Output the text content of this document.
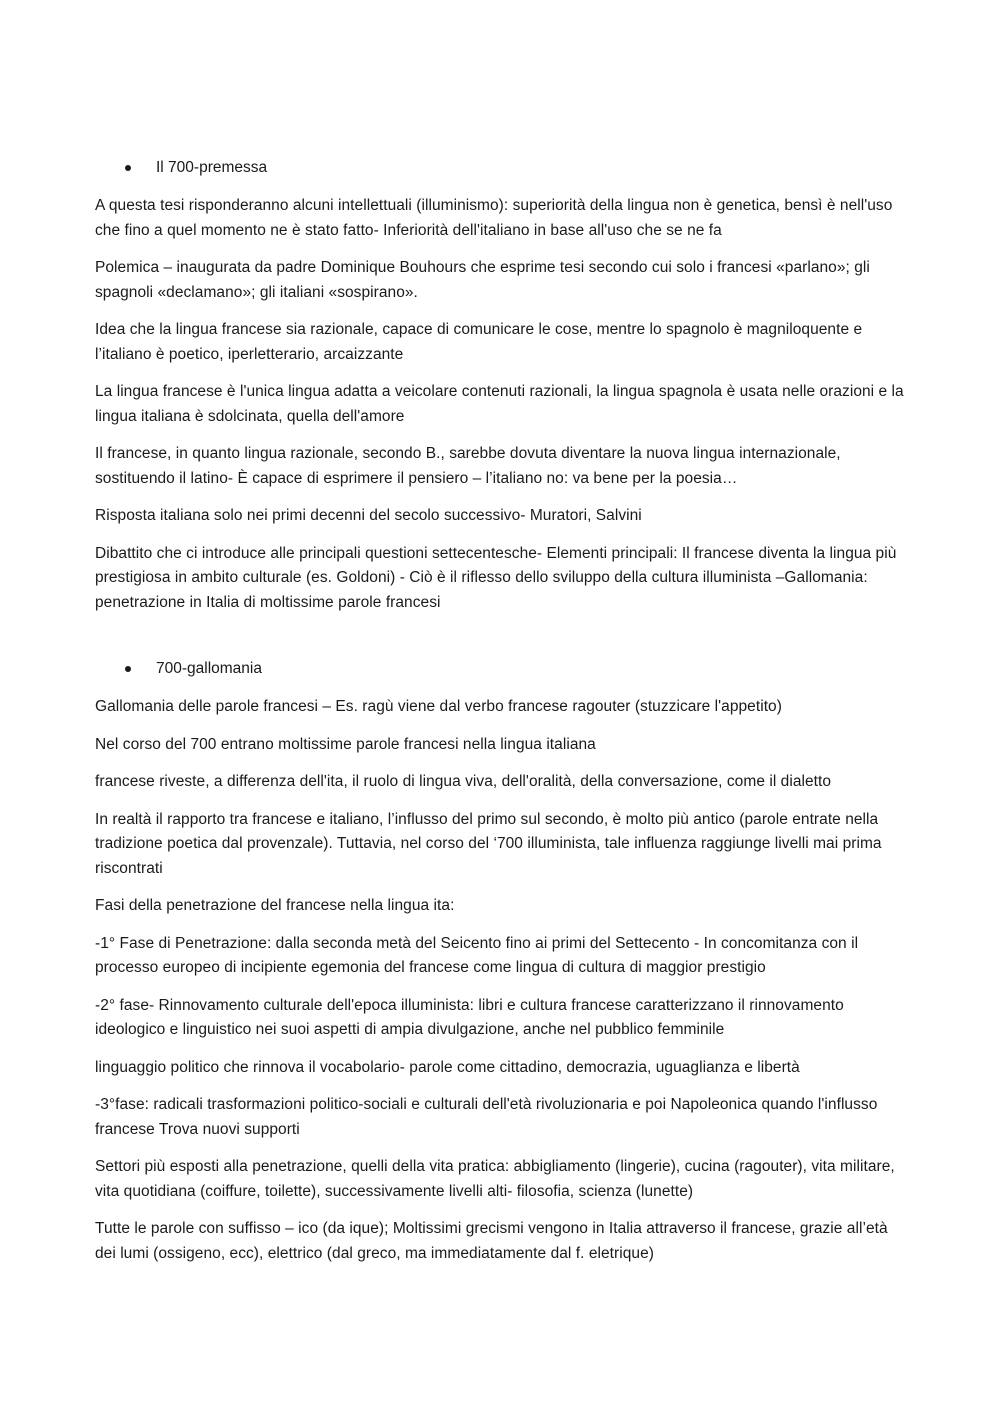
Il 700-premessa

A questa tesi risponderanno alcuni intellettuali (illuminismo): superiorità della lingua non è genetica, bensì è nell'uso che fino a quel momento ne è stato fatto- Inferiorità dell'italiano in base all'uso che se ne fa

Polemica – inaugurata da padre Dominique Bouhours che esprime tesi secondo cui solo i francesi «parlano»; gli spagnoli «declamano»; gli italiani «sospirano».

Idea che la lingua francese sia razionale, capace di comunicare le cose, mentre lo spagnolo è magniloquente e l’italiano è poetico, iperletterario, arcaizzante

La lingua francese è l'unica lingua adatta a veicolare contenuti razionali, la lingua spagnola è usata nelle orazioni e la lingua italiana è sdolcinata, quella dell'amore

Il francese, in quanto lingua razionale, secondo B., sarebbe dovuta diventare la nuova lingua internazionale, sostituendo il latino- È capace di esprimere il pensiero – l’italiano no: va bene per la poesia…

Risposta italiana solo nei primi decenni del secolo successivo- Muratori, Salvini

Dibattito che ci introduce alle principali questioni settecentesche- Elementi principali: Il francese diventa la lingua più prestigiosa in ambito culturale (es. Goldoni) - Ciò è il riflesso dello sviluppo della cultura illuminista –Gallomania: penetrazione in Italia di moltissime parole francesi

700-gallomania

Gallomania delle parole francesi – Es. ragù viene dal verbo francese ragouter (stuzzicare l'appetito)

Nel corso del 700 entrano moltissime parole francesi nella lingua italiana

francese riveste, a differenza dell'ita, il ruolo di lingua viva, dell'oralità, della conversazione, come il dialetto

In realtà il rapporto tra francese e italiano, l’influsso del primo sul secondo, è molto più antico (parole entrate nella tradizione poetica dal provenzale). Tuttavia, nel corso del ‘700 illuminista, tale influenza raggiunge livelli mai prima riscontrati

Fasi della penetrazione del francese nella lingua ita:

-1° Fase di Penetrazione: dalla seconda metà del Seicento fino ai primi del Settecento - In concomitanza con il processo europeo di incipiente egemonia del francese come lingua di cultura di maggior prestigio

-2° fase- Rinnovamento culturale dell'epoca illuminista: libri e cultura francese caratterizzano il rinnovamento ideologico e linguistico nei suoi aspetti di ampia divulgazione, anche nel pubblico femminile

linguaggio politico che rinnova il vocabolario- parole come cittadino, democrazia, uguaglianza e libertà

-3°fase: radicali trasformazioni politico-sociali e culturali dell'età rivoluzionaria e poi Napoleonica quando l'influsso francese Trova nuovi supporti

Settori più esposti alla penetrazione, quelli della vita pratica: abbigliamento (lingerie), cucina (ragouter), vita militare, vita quotidiana (coiffure, toilette), successivamente livelli alti- filosofia, scienza (lunette)

Tutte le parole con suffisso – ico (da ique); Moltissimi grecismi vengono in Italia attraverso il francese, grazie all’età dei lumi (ossigeno, ecc), elettrico (dal greco, ma immediatamente dal f. eletrique)
